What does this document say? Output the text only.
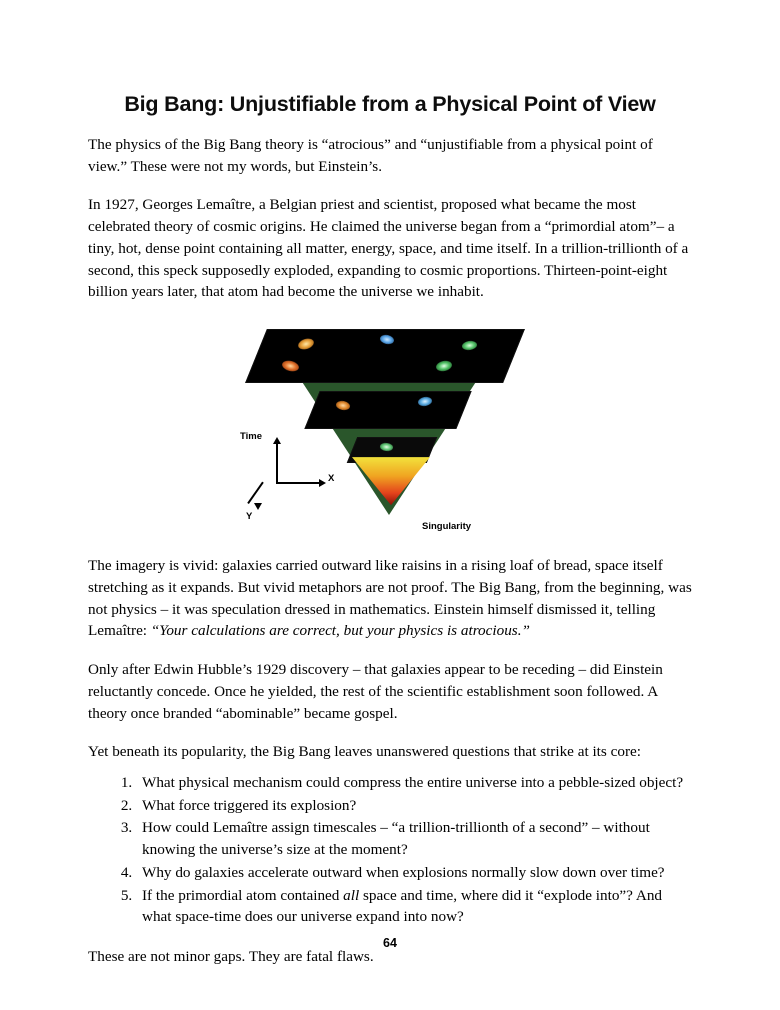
Big Bang: Unjustifiable from a Physical Point of View

The physics of the Big Bang theory is “atrocious” and “unjustifiable from a physical point of view.” These were not my words, but Einstein’s.

In 1927, Georges Lemaître, a Belgian priest and scientist, proposed what became the most celebrated theory of cosmic origins. He claimed the universe began from a “primordial atom”– a tiny, hot, dense point containing all matter, energy, space, and time itself. In a trillion-trillionth of a second, this speck supposedly exploded, expanding to cosmic proportions. Thirteen-point-eight billion years later, that atom had become the universe we inhabit.

Time
X
Y
Singularity

The imagery is vivid: galaxies carried outward like raisins in a rising loaf of bread, space itself stretching as it expands. But vivid metaphors are not proof. The Big Bang, from the beginning, was not physics – it was speculation dressed in mathematics. Einstein himself dismissed it, telling Lemaître: “Your calculations are correct, but your physics is atrocious.”

Only after Edwin Hubble’s 1929 discovery – that galaxies appear to be receding – did Einstein reluctantly concede. Once he yielded, the rest of the scientific establishment soon followed. A theory once branded “abominable” became gospel.

Yet beneath its popularity, the Big Bang leaves unanswered questions that strike at its core:

1. What physical mechanism could compress the entire universe into a pebble-sized object?
2. What force triggered its explosion?
3. How could Lemaître assign timescales – “a trillion-trillionth of a second” – without knowing the universe’s size at the moment?
4. Why do galaxies accelerate outward when explosions normally slow down over time?
5. If the primordial atom contained all space and time, where did it “explode into”? And what space-time does our universe expand into now?

These are not minor gaps. They are fatal flaws.

64
